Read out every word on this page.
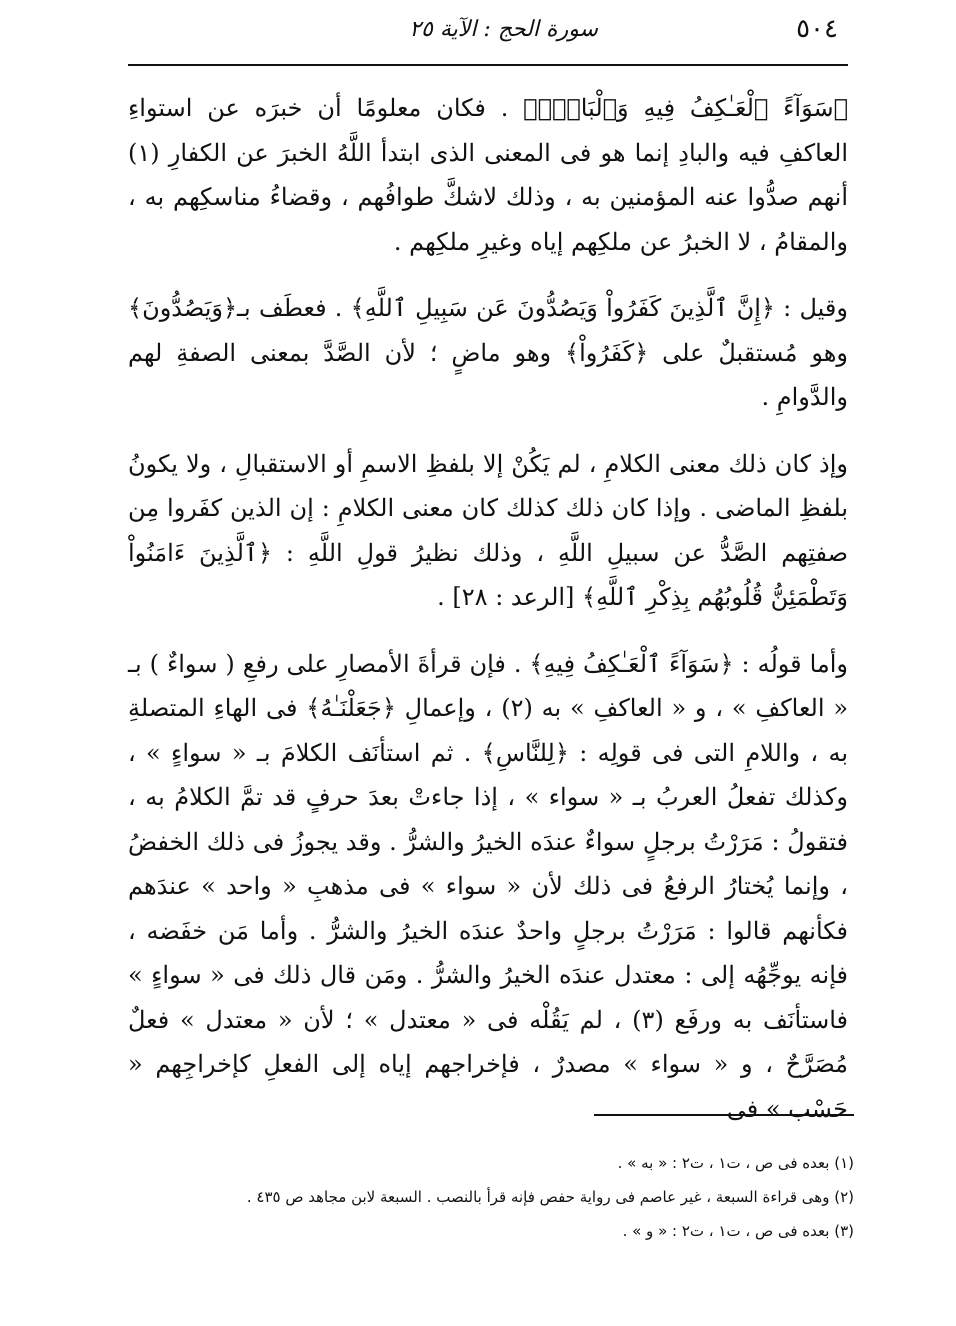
٥٠٤
سورة الحج : الآية ٢٥

﴿سَوَآءً ٱلْعَـٰكِفُ فِيهِ وَٱلْبَادِۚ﴾ . فكان معلومًا أن خبرَه عن استواءِ العاكفِ فيه والبادِ إنما هو فى المعنى الذى ابتدأ اللَّهُ الخبرَ عن الكفارِ (١) أنهم صدُّوا عنه المؤمنين به ، وذلك لاشكَّ طوافُهم ، وقضاءُ مناسكِهم به ، والمقامُ ، لا الخبرُ عن ملكِهم إياه وغيرِ ملكِهم .

وقيل : ﴿إِنَّ ٱلَّذِينَ كَفَرُواْ وَيَصُدُّونَ عَن سَبِيلِ ٱللَّهِ﴾ . فعطَف بـ﴿وَيَصُدُّونَ﴾ وهو مُستقبلٌ على ﴿كَفَرُواْ﴾ وهو ماضٍ ؛ لأن الصَّدَّ بمعنى الصفةِ لهم والدَّوامِ .

وإذ كان ذلك معنى الكلامِ ، لم يَكُنْ إلا بلفظِ الاسمِ أو الاستقبالِ ، ولا يكونُ بلفظِ الماضى . وإذا كان ذلك كذلك كان معنى الكلامِ : إن الذين كفَروا مِن صفتِهم الصَّدُّ عن سبيلِ اللَّهِ ، وذلك نظيرُ قولِ اللَّهِ : ﴿ٱلَّذِينَ ءَامَنُواْ وَتَطْمَئِنُّ قُلُوبُهُم بِذِكْرِ ٱللَّهِ﴾ [الرعد : ٢٨] .

وأما قولُه : ﴿سَوَآءً ٱلْعَـٰكِفُ فِيهِ﴾ . فإن قرأةَ الأمصارِ على رفعِ ( سواءٌ ) بـ « العاكفِ » ، و « العاكفِ » به (٢) ، وإعمالِ ﴿جَعَلْنَـٰهُ﴾ فى الهاءِ المتصلةِ به ، واللامِ التى فى قولِه : ﴿لِلنَّاسِ﴾ . ثم استأنَف الكلامَ بـ « سواءٍ » ، وكذلك تفعلُ العربُ بـ « سواء » ، إذا جاءتْ بعدَ حرفٍ قد تمَّ الكلامُ به ، فتقولُ : مَرَرْتُ برجلٍ سواءٌ عندَه الخيرُ والشرُّ . وقد يجوزُ فى ذلك الخفضُ ، وإنما يُختارُ الرفعُ فى ذلك لأن « سواء » فى مذهبِ « واحد » عندَهم فكأنهم قالوا : مَرَرْتُ برجلٍ واحدٌ عندَه الخيرُ والشرُّ . وأما مَن خفَضه ، فإنه يوجِّهُه إلى : معتدل عندَه الخيرُ والشرُّ . ومَن قال ذلك فى « سواءٍ » فاستأنَف به ورفَع (٣) ، لم يَقُلْه فى « معتدل » ؛ لأن « معتدل » فعلٌ مُصَرَّحٌ ، و « سواء » مصدرٌ ، فإخراجهم إياه إلى الفعلِ كإخراجِهم « حَسْب » فى

(١) بعده فى ص ، ت١ ، ت٢ : « به » .
(٢) وهى قراءة السبعة ، غير عاصم فى رواية حفص فإنه قرأ بالنصب . السبعة لابن مجاهد ص ٤٣٥ .
(٣) بعده فى ص ، ت١ ، ت٢ : « و » .
